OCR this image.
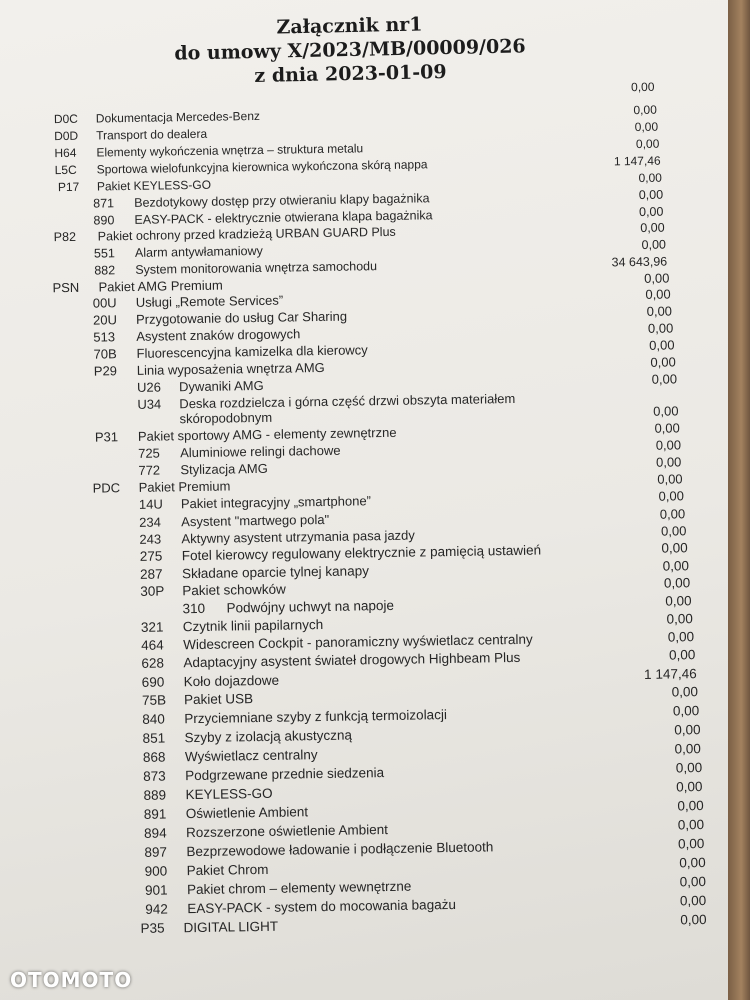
Załącznik nr1
do umowy X/2023/MB/00009/026
z dnia 2023-01-09	0,00
D0C Dokumentacja Mercedes-Benz	0,00
D0D Transport do dealera	0,00
H64 Elementy wykończenia wnętrza – struktura metalu	0,00
L5C Sportowa wielofunkcyjna kierownica wykończona skórą nappa	1 147,46
P17 Pakiet KEYLESS-GO	0,00
871 Bezdotykowy dostęp przy otwieraniu klapy bagażnika	0,00
890 EASY-PACK - elektrycznie otwierana klapa bagażnika	0,00
P82 Pakiet ochrony przed kradzieżą URBAN GUARD Plus	0,00
551 Alarm antywłamaniowy	0,00
882 System monitorowania wnętrza samochodu	34 643,96
PSN Pakiet AMG Premium	0,00
00U Usługi „Remote Services”	0,00
20U Przygotowanie do usług Car Sharing	0,00
513 Asystent znaków drogowych	0,00
70B Fluorescencyjna kamizelka dla kierowcy	0,00
P29 Linia wyposażenia wnętrza AMG	0,00
U26 Dywaniki AMG	0,00
U34 Deska rozdzielcza i górna część drzwi obszyta materiałem
skóropodobnym	0,00
P31 Pakiet sportowy AMG - elementy zewnętrzne	0,00
725 Aluminiowe relingi dachowe	0,00
772 Stylizacja AMG	0,00
PDC Pakiet Premium	0,00
14U Pakiet integracyjny „smartphone”	0,00
234 Asystent "martwego pola"	0,00
243 Aktywny asystent utrzymania pasa jazdy	0,00
275 Fotel kierowcy regulowany elektrycznie z pamięcią ustawień	0,00
287 Składane oparcie tylnej kanapy	0,00
30P Pakiet schowków	0,00
310 Podwójny uchwyt na napoje	0,00
321 Czytnik linii papilarnych	0,00
464 Widescreen Cockpit - panoramiczny wyświetlacz centralny	0,00
628 Adaptacyjny asystent świateł drogowych Highbeam Plus	0,00
690 Koło dojazdowe	1 147,46
75B Pakiet USB	0,00
840 Przyciemniane szyby z funkcją termoizolacji	0,00
851 Szyby z izolacją akustyczną	0,00
868 Wyświetlacz centralny	0,00
873 Podgrzewane przednie siedzenia	0,00
889 KEYLESS-GO	0,00
891 Oświetlenie Ambient	0,00
894 Rozszerzone oświetlenie Ambient	0,00
897 Bezprzewodowe ładowanie i podłączenie Bluetooth	0,00
900 Pakiet Chrom	0,00
901 Pakiet chrom – elementy wewnętrzne	0,00
942 EASY-PACK - system do mocowania bagażu	0,00
P35 DIGITAL LIGHT	0,00
OTOMOTO
